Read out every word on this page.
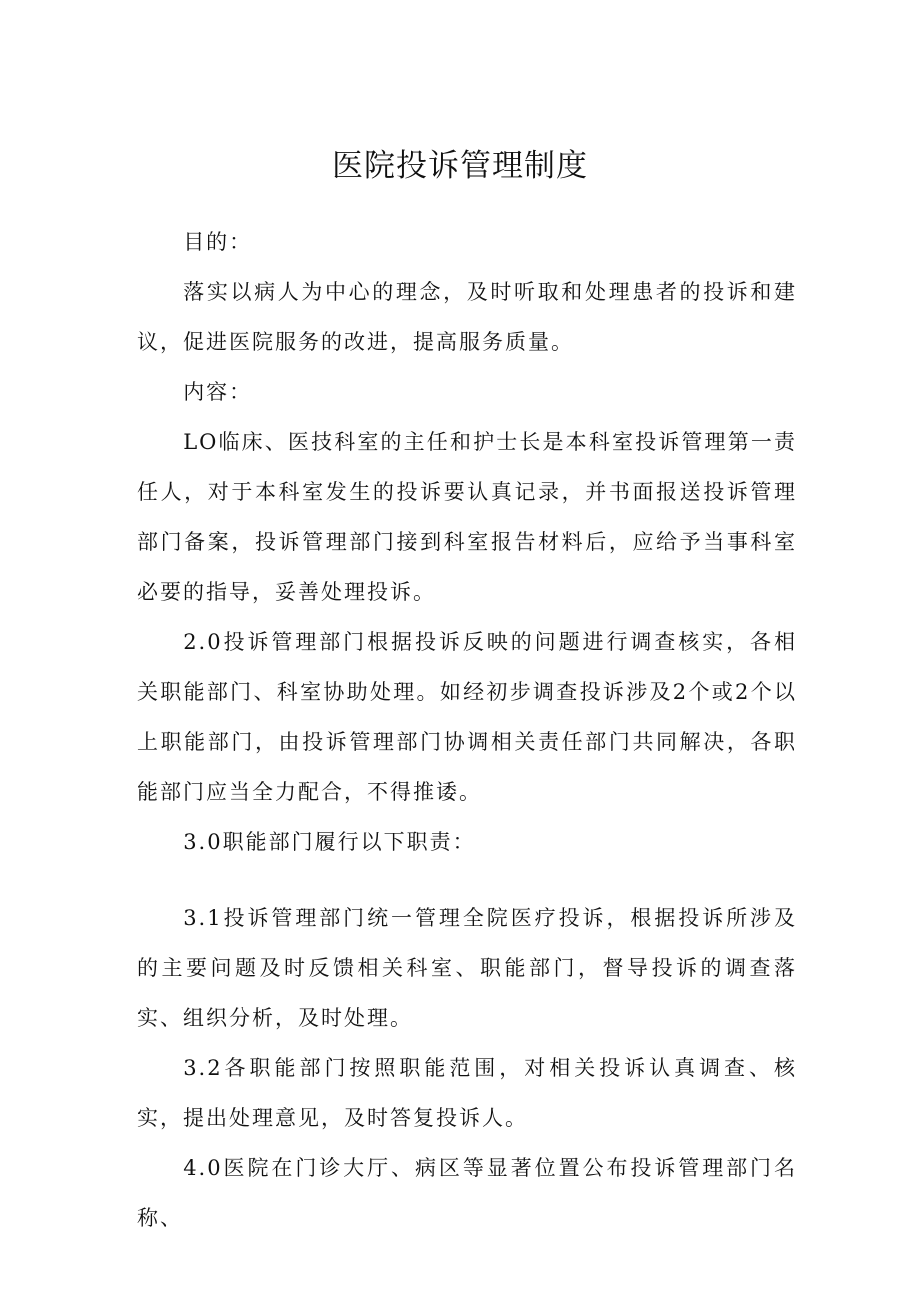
医院投诉管理制度

目的：

落实以病人为中心的理念，及时听取和处理患者的投诉和建议，促进医院服务的改进，提高服务质量。

内容：

LO临床、医技科室的主任和护士长是本科室投诉管理第一责任人，对于本科室发生的投诉要认真记录，并书面报送投诉管理部门备案，投诉管理部门接到科室报告材料后，应给予当事科室必要的指导，妥善处理投诉。

2.0投诉管理部门根据投诉反映的问题进行调查核实，各相关职能部门、科室协助处理。如经初步调查投诉涉及2个或2个以上职能部门，由投诉管理部门协调相关责任部门共同解决，各职能部门应当全力配合，不得推诿。

3.0职能部门履行以下职责：

3.1投诉管理部门统一管理全院医疗投诉，根据投诉所涉及的主要问题及时反馈相关科室、职能部门，督导投诉的调查落实、组织分析，及时处理。

3.2各职能部门按照职能范围，对相关投诉认真调查、核实，提出处理意见，及时答复投诉人。

4.0医院在门诊大厅、病区等显著位置公布投诉管理部门名称、
